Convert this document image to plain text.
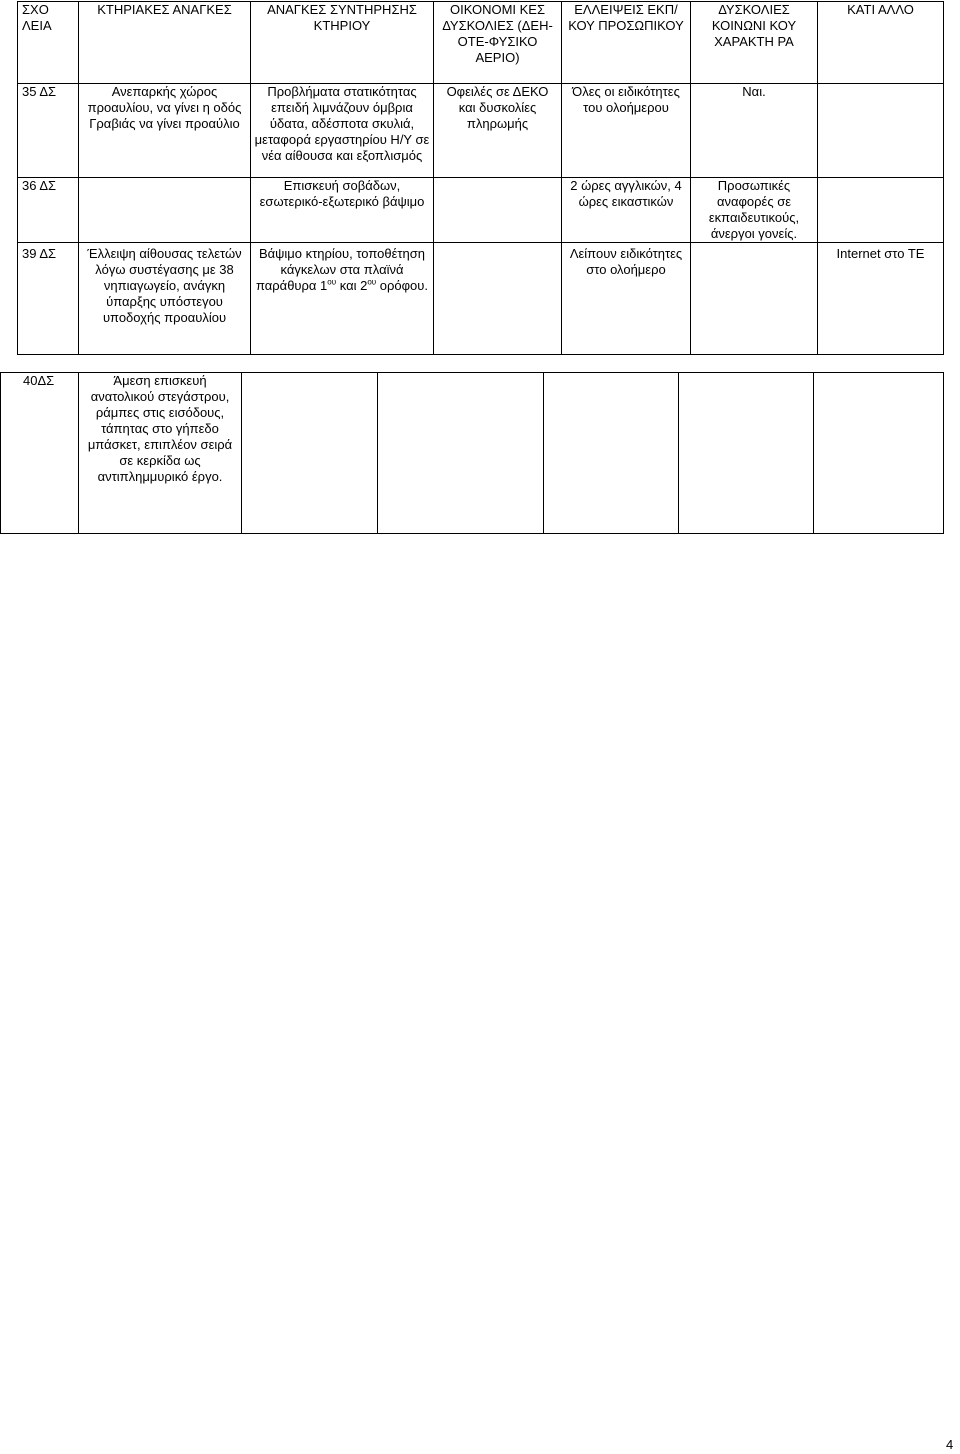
ΣΧΟ ΛΕΙΑ	ΚΤΗΡΙΑΚΕΣ ΑΝΑΓΚΕΣ	ΑΝΑΓΚΕΣ ΣΥΝΤΗΡΗΣΗΣ ΚΤΗΡΙΟΥ	ΟΙΚΟΝΟΜΙ ΚΕΣ ΔΥΣΚΟΛΙΕΣ (ΔΕΗ-ΟΤΕ-ΦΥΣΙΚΟ ΑΕΡΙΟ)	ΕΛΛΕΙΨΕΙΣ ΕΚΠ/ΚΟΥ ΠΡΟΣΩΠΙΚΟΥ	ΔΥΣΚΟΛΙΕΣ ΚΟΙΝΩΝΙ ΚΟΥ ΧΑΡΑΚΤΗ ΡΑ	ΚΑΤΙ ΑΛΛΟ
35 ΔΣ	Ανεπαρκής χώρος προαυλίου, να γίνει η οδός Γραβιάς να γίνει προαύλιο	Προβλήματα στατικότητας επειδή λιμνάζουν όμβρια ύδατα, αδέσποτα σκυλιά, μεταφορά εργαστηρίου Η/Υ σε νέα αίθουσα και εξοπλισμός	Οφειλές σε ΔΕΚΟ και δυσκολίες πληρωμής	Όλες οι ειδικότητες του ολοήμερου	Ναι.	
36 ΔΣ		Επισκευή σοβάδων, εσωτερικό-εξωτερικό βάψιμο		2 ώρες αγγλικών, 4 ώρες εικαστικών	Προσωπικές αναφορές σε εκπαιδευτικούς, άνεργοι γονείς.	
39 ΔΣ	Έλλειψη αίθουσας τελετών λόγω συστέγασης με 38 νηπιαγωγείο, ανάγκη ύπαρξης υπόστεγου υποδοχής προαυλίου	Βάψιμο κτηρίου, τοποθέτηση κάγκελων στα πλαϊνά παράθυρα $1^{o\upsilon}$ και $2^{o\upsilon}$ ορόφου.		Λείπουν ειδικότητες στο ολοήμερο		Internet στο ΤΕ
40ΔΣ	Άμεση επισκευή ανατολικού στεγάστρου, ράμπες στις εισόδους, τάπητας στο γήπεδο μπάσκετ, επιπλέον σειρά σε κερκίδα ως αντιπλημμυρικό έργο.					
4
